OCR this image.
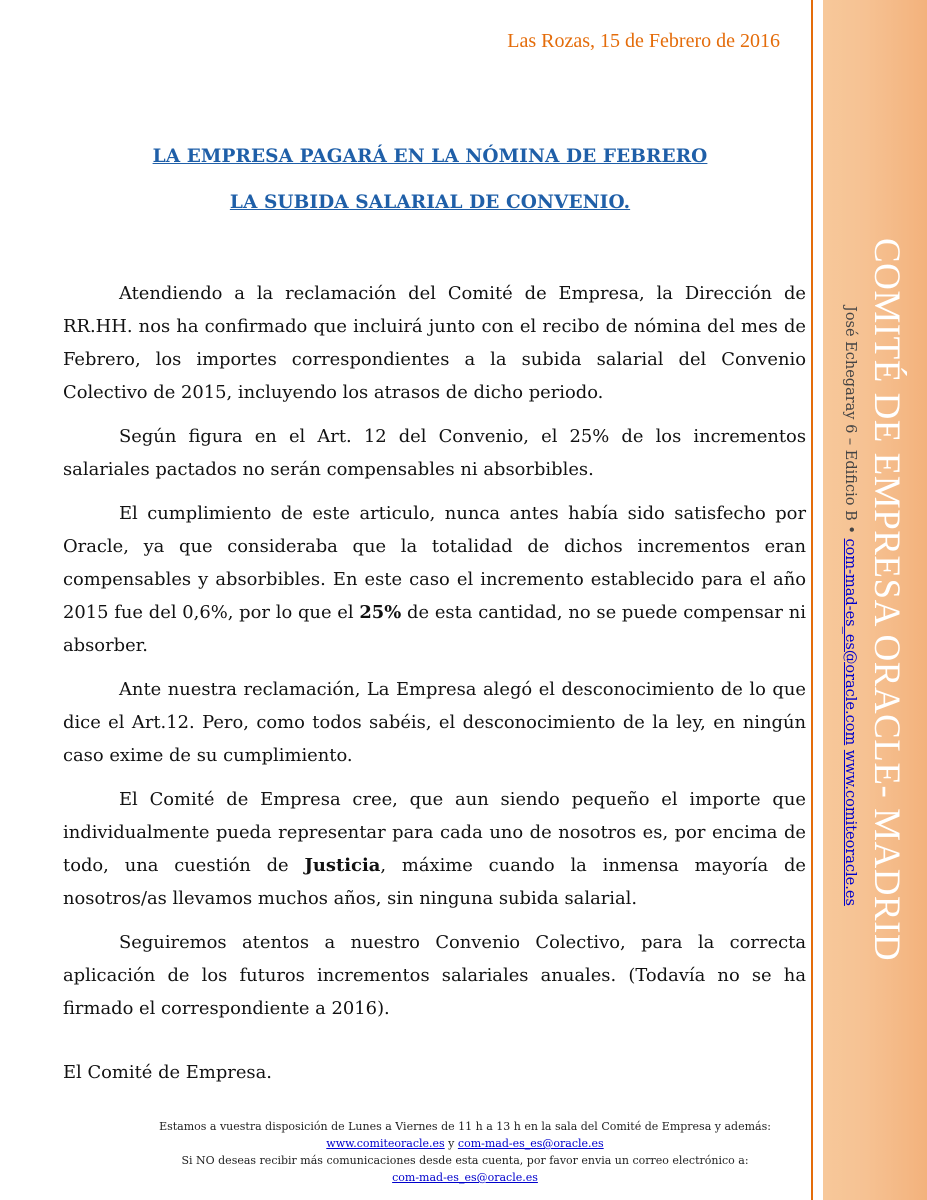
Las Rozas, 15 de Febrero de 2016
LA EMPRESA PAGARÁ EN LA NÓMINA DE FEBRERO
LA SUBIDA SALARIAL DE CONVENIO.

Atendiendo a la reclamación del Comité de Empresa, la Dirección de RR.HH. nos ha confirmado que incluirá junto con el recibo de nómina del mes de Febrero, los importes correspondientes a la subida salarial del Convenio Colectivo de 2015, incluyendo los atrasos de dicho periodo.

Según figura en el Art. 12 del Convenio, el 25% de los incrementos salariales pactados no serán compensables ni absorbibles.

El cumplimiento de este articulo, nunca antes había sido satisfecho por Oracle, ya que consideraba que la totalidad de dichos incrementos eran compensables y absorbibles. En este caso el incremento establecido para el año 2015 fue del 0,6%, por lo que el 25% de esta cantidad, no se puede compensar ni absorber.

Ante nuestra reclamación, La Empresa alegó el desconocimiento de lo que dice el Art.12. Pero, como todos sabéis, el desconocimiento de la ley, en ningún caso exime de su cumplimiento.

El Comité de Empresa cree, que aun siendo pequeño el importe que individualmente pueda representar para cada uno de nosotros es, por encima de todo, una cuestión de Justicia, máxime cuando la inmensa mayoría de nosotros/as llevamos muchos años, sin ninguna subida salarial.

Seguiremos atentos a nuestro Convenio Colectivo, para la correcta aplicación de los futuros incrementos salariales anuales. (Todavía no se ha firmado el correspondiente a 2016).

El Comité de Empresa.
Estamos a vuestra disposición de Lunes a Viernes de 11 h a 13 h en la sala del Comité de Empresa y además:
www.comiteoracle.es y com-mad-es_es@oracle.es
Si NO deseas recibir más comunicaciones desde esta cuenta, por favor envia un correo electrónico a:
com-mad-es_es@oracle.es
COMITÉ DE EMPRESA ORACLE- MADRID
José Echegaray 6 – Edificio B • com-mad-es_es@oracle.com www.comiteoracle.es
